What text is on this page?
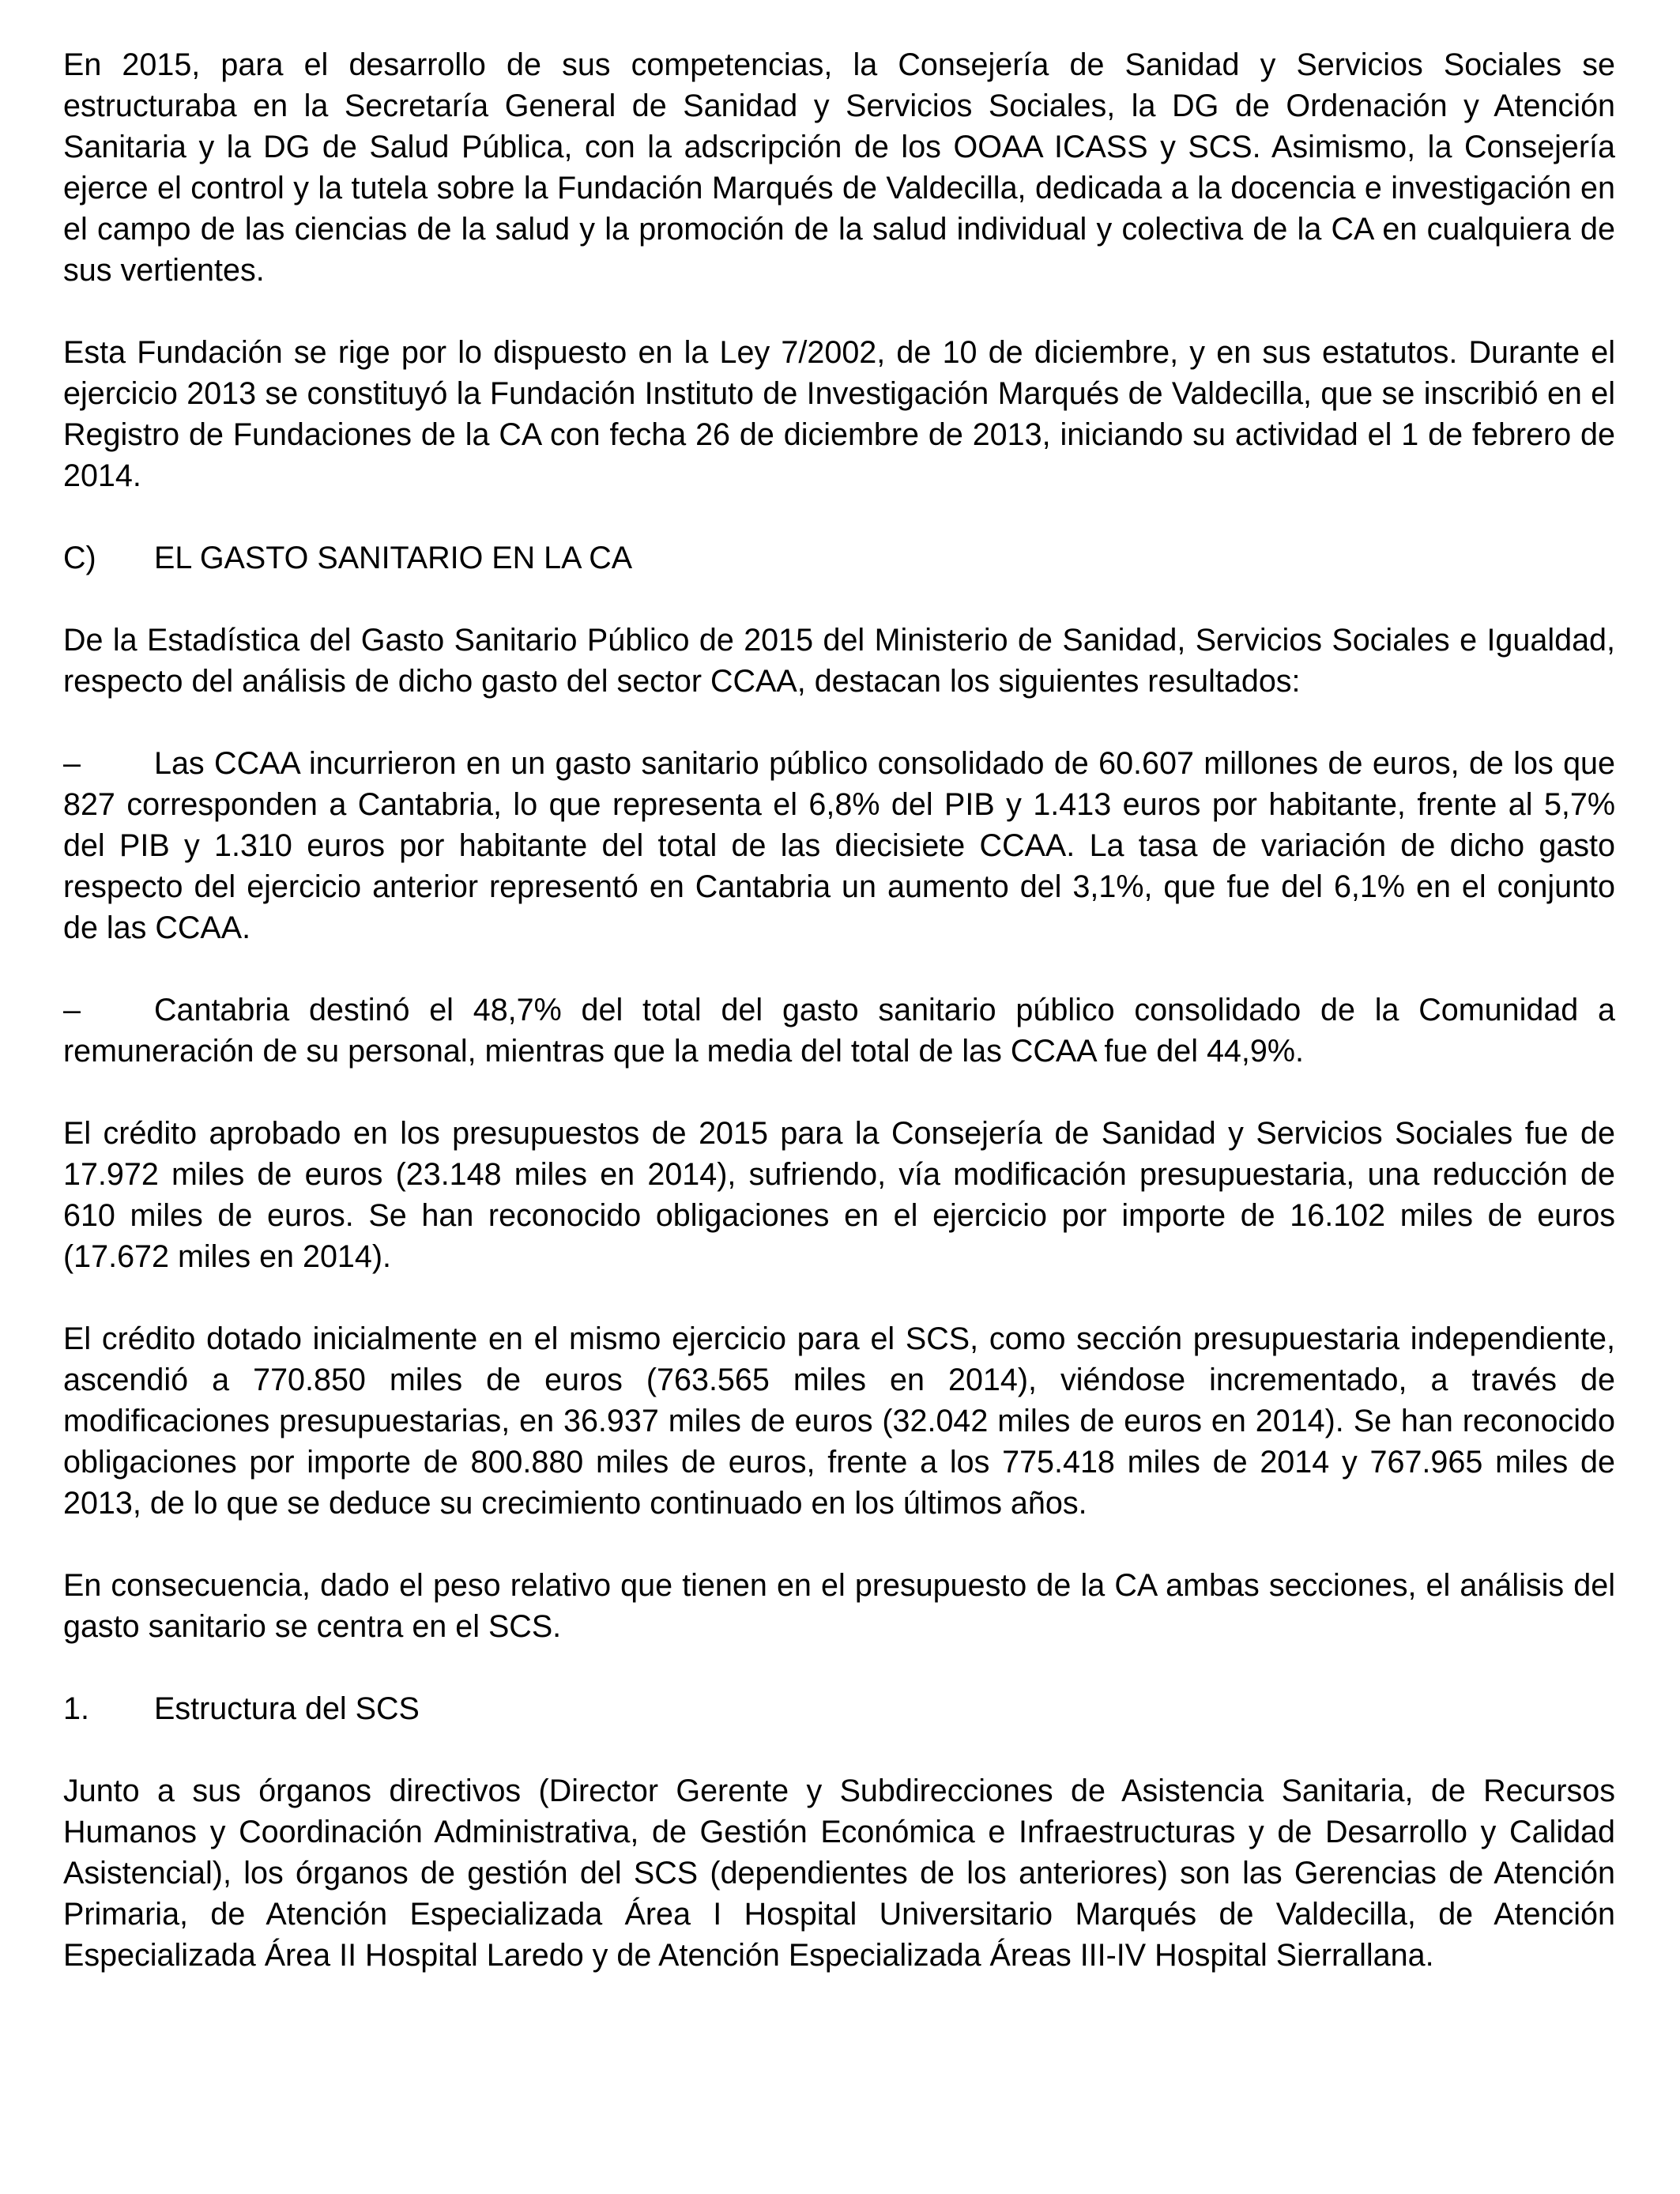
En 2015, para el desarrollo de sus competencias, la Consejería de Sanidad y Servicios Sociales se estructuraba en la Secretaría General de Sanidad y Servicios Sociales, la DG de Ordenación y Atención Sanitaria y la DG de Salud Pública, con la adscripción de los OOAA ICASS y SCS. Asimismo, la Consejería ejerce el control y la tutela sobre la Fundación Marqués de Valdecilla, dedicada a la docencia e investigación en el campo de las ciencias de la salud y la promoción de la salud individual y colectiva de la CA en cualquiera de sus vertientes.

Esta Fundación se rige por lo dispuesto en la Ley 7/2002, de 10 de diciembre, y en sus estatutos. Durante el ejercicio 2013 se constituyó la Fundación Instituto de Investigación Marqués de Valdecilla, que se inscribió en el Registro de Fundaciones de la CA con fecha 26 de diciembre de 2013, iniciando su actividad el 1 de febrero de 2014.

C)	EL GASTO SANITARIO EN LA CA

De la Estadística del Gasto Sanitario Público de 2015 del Ministerio de Sanidad, Servicios Sociales e Igualdad, respecto del análisis de dicho gasto del sector CCAA, destacan los siguientes resultados:

– Las CCAA incurrieron en un gasto sanitario público consolidado de 60.607 millones de euros, de los que 827 corresponden a Cantabria, lo que representa el 6,8% del PIB y 1.413 euros por habitante, frente al 5,7% del PIB y 1.310 euros por habitante del total de las diecisiete CCAA. La tasa de variación de dicho gasto respecto del ejercicio anterior representó en Cantabria un aumento del 3,1%, que fue del 6,1% en el conjunto de las CCAA.

– Cantabria destinó el 48,7% del total del gasto sanitario público consolidado de la Comunidad a remuneración de su personal, mientras que la media del total de las CCAA fue del 44,9%.

El crédito aprobado en los presupuestos de 2015 para la Consejería de Sanidad y Servicios Sociales fue de 17.972 miles de euros (23.148 miles en 2014), sufriendo, vía modificación presupuestaria, una reducción de 610 miles de euros. Se han reconocido obligaciones en el ejercicio por importe de 16.102 miles de euros (17.672 miles en 2014).

El crédito dotado inicialmente en el mismo ejercicio para el SCS, como sección presupuestaria independiente, ascendió a 770.850 miles de euros (763.565 miles en 2014), viéndose incrementado, a través de modificaciones presupuestarias, en 36.937 miles de euros (32.042 miles de euros en 2014). Se han reconocido obligaciones por importe de 800.880 miles de euros, frente a los 775.418 miles de 2014 y 767.965 miles de 2013, de lo que se deduce su crecimiento continuado en los últimos años.

En consecuencia, dado el peso relativo que tienen en el presupuesto de la CA ambas secciones, el análisis del gasto sanitario se centra en el SCS.

1.	Estructura del SCS

Junto a sus órganos directivos (Director Gerente y Subdirecciones de Asistencia Sanitaria, de Recursos Humanos y Coordinación Administrativa, de Gestión Económica e Infraestructuras y de Desarrollo y Calidad Asistencial), los órganos de gestión del SCS (dependientes de los anteriores) son las Gerencias de Atención Primaria, de Atención Especializada Área I Hospital Universitario Marqués de Valdecilla, de Atención Especializada Área II Hospital Laredo y de Atención Especializada Áreas III-IV Hospital Sierrallana.
